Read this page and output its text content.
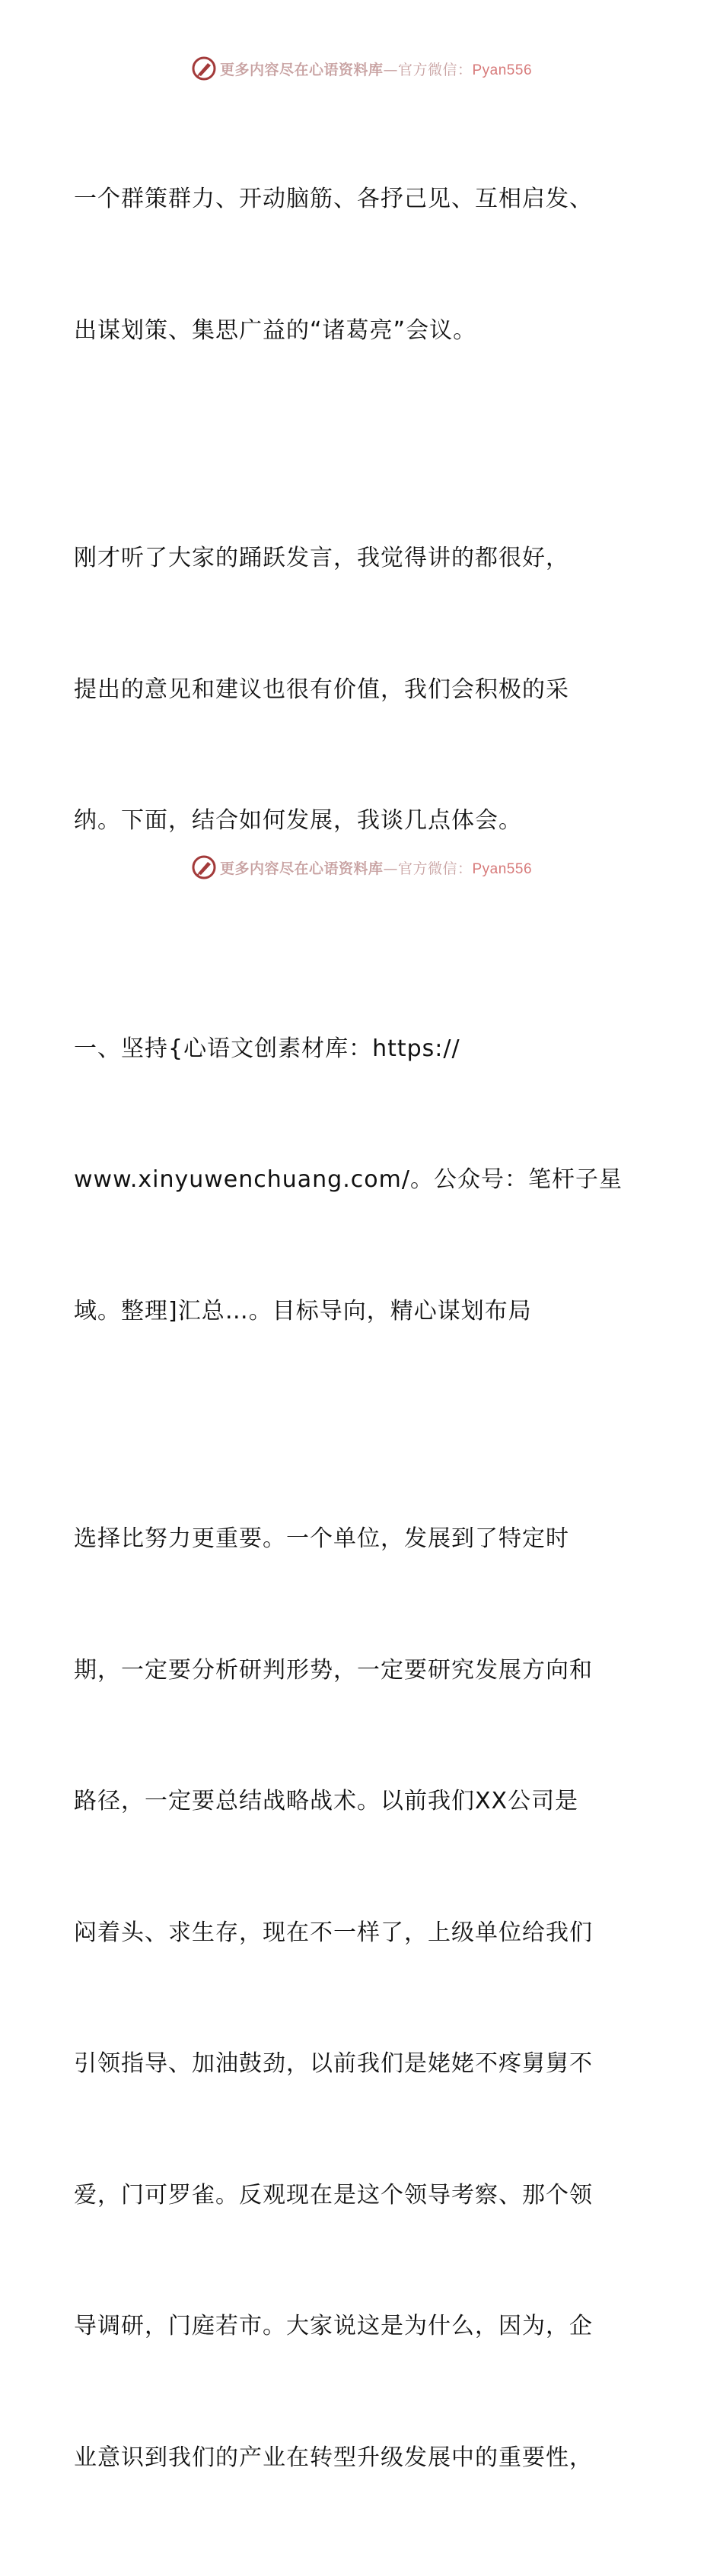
更多内容尽在心语资料库—官方微信：Pyan556

一个群策群力、开动脑筋、各抒己见、互相启发、

出谋划策、集思广益的“诸葛亮”会议。

刚才听了大家的踊跃发言，我觉得讲的都很好，

提出的意见和建议也很有价值，我们会积极的采

纳。下面，结合如何发展，我谈几点体会。

一、坚持{心语文创素材库：https://

www.xinyuwenchuang.com/。公众号：笔杆子星

域。整理]汇总…。目标导向，精心谋划布局

选择比努力更重要。一个单位，发展到了特定时

期，一定要分析研判形势，一定要研究发展方向和

路径，一定要总结战略战术。以前我们XX公司是

闷着头、求生存，现在不一样了，上级单位给我们

引领指导、加油鼓劲，以前我们是姥姥不疼舅舅不

爱，门可罗雀。反观现在是这个领导考察、那个领

导调研，门庭若市。大家说这是为什么，因为，企

业意识到我们的产业在转型升级发展中的重要性，

更多内容尽在心语资料库—官方微信：Pyan556
